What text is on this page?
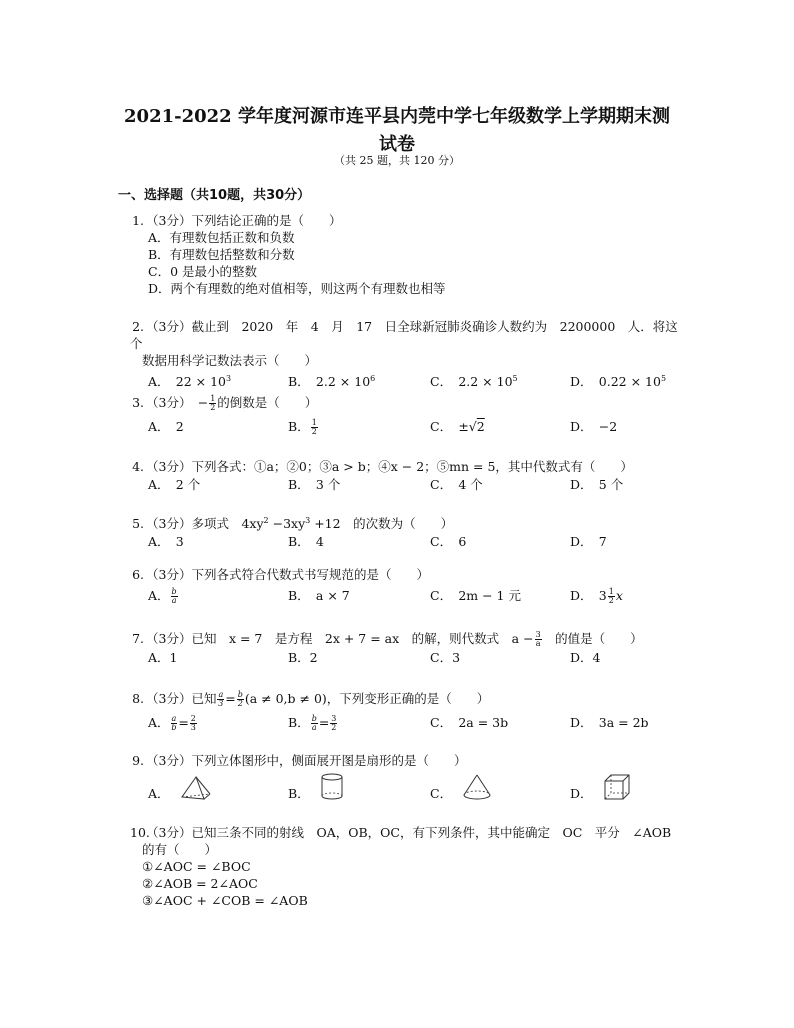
2021-2022 学年度河源市连平县内莞中学七年级数学上学期期末测
试卷
（共 25 题，共 120 分）
一、选择题（共10题，共30分）
1. （3分）下列结论正确的是（　　）
A．有理数包括正数和负数
B．有理数包括整数和分数
C．0 是最小的整数
D．两个有理数的绝对值相等，则这两个有理数也相等
2. （3分）截止到　2020　年　4　月　17　日全球新冠肺炎确诊人数约为　2200000　人．将这个
数据用科学记数法表示（　　）
A．　$22 \times 10^3$	B．　$2.2 \times 10^6$	C．　$2.2 \times 10^5$	D．　$0.22 \times 10^5$
3. （3分）　− $\frac{1}{2}$ 的倒数是（　　）
A．　2	B． $\frac{1}{2}$	C．　±√2	D．　−2
4. （3分）下列各式：①a；②0；③a > b；④x − 2；⑤mn = 5，其中代数式有（　　）
A．　2 个	B．　3 个	C．　4 个	D．　5 个
5. （3分）多项式　$4xy^2 -3xy^3 +12$　的次数为（　　）
A．　3	B．　4	C．　6	D．　7
6. （3分）下列各式符合代数式书写规范的是（　　）
A． $\frac{b}{a}$	B．　a × 7	C．　2m − 1 元	D．　$3 \frac{1}{2}$ x
7. （3分）已知　x = 7　是方程　2x + 7 = ax　的解，则代数式　$a - \frac{3}{a}$ 　的值是（　　）
A．1	B．2	C．3	D．4
8. （3分）已知 $\frac{a}{3} = \frac{b}{2} (a \ne 0,b \ne 0)$，下列变形正确的是（　　）
A． $\frac{a}{b} = \frac{2}{3}$	B． $\frac{b}{a} = \frac{3}{2}$	C．　2a = 3b	D．　3a = 2b
9. （3分）下列立体图形中，侧面展开图是扇形的是（　　）
A．	B．	C．	D．
10.（3分）已知三条不同的射线　OA，OB，OC，有下列条件，其中能确定　OC　平分　∠AOB
的有（　　）
①∠AOC = ∠BOC
②∠AOB = 2∠AOC
③∠AOC + ∠COB = ∠AOB
